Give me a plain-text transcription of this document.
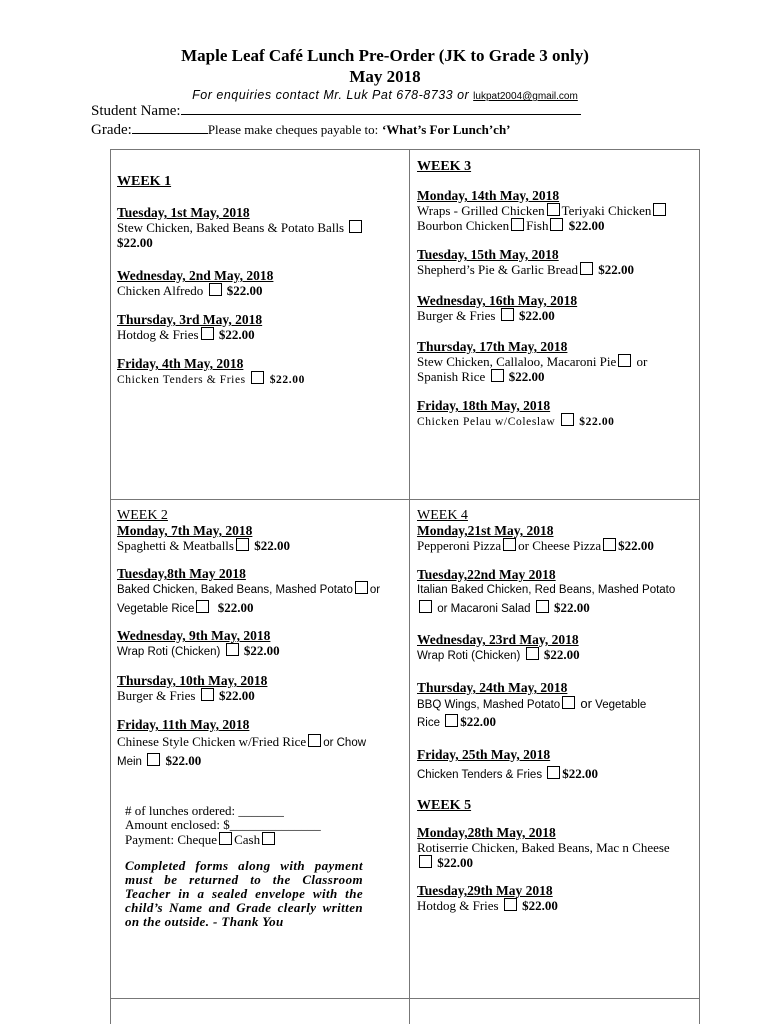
Maple Leaf Café Lunch Pre-Order (JK to Grade 3 only)
May 2018
For enquiries contact Mr. Luk Pat 678-8733 or lukpat2004@gmail.com
Student Name:
Grade:	Please make cheques payable to: ‘What’s For Lunch’ch’
WEEK 1
Tuesday, 1st May, 2018
Stew Chicken, Baked Beans & Potato Balls
$22.00
Wednesday, 2nd May, 2018
Chicken Alfredo $22.00
Thursday, 3rd May, 2018
Hotdog & Fries $22.00
Friday, 4th May, 2018
Chicken Tenders & Fries $22.00
WEEK 3
Monday, 14th May, 2018
Wraps - Grilled Chicken Teriyaki Chicken
Bourbon Chicken Fish $22.00
Tuesday, 15th May, 2018
Shepherd’s Pie & Garlic Bread $22.00
Wednesday, 16th May, 2018
Burger & Fries $22.00
Thursday, 17th May, 2018
Stew Chicken, Callaloo, Macaroni Pie or
Spanish Rice $22.00
Friday, 18th May, 2018
Chicken Pelau w/Coleslaw $22.00
WEEK 2
Monday, 7th May, 2018
Spaghetti & Meatballs $22.00
Tuesday,8th May 2018
Baked Chicken, Baked Beans, Mashed Potato or
Vegetable Rice $22.00
Wednesday, 9th May, 2018
Wrap Roti (Chicken) $22.00
Thursday, 10th May, 2018
Burger & Fries $22.00
Friday, 11th May, 2018
Chinese Style Chicken w/Fried Rice or Chow
Mein $22.00
# of lunches ordered: _______
Amount enclosed: $______________
Payment: Cheque Cash
Completed forms along with payment must be returned to the Classroom Teacher in a sealed envelope with the child’s Name and Grade clearly written on the outside. - Thank You
WEEK 4
Monday,21st May, 2018
Pepperoni Pizza or Cheese Pizza $22.00
Tuesday,22nd May 2018
Italian Baked Chicken, Red Beans, Mashed Potato
or Macaroni Salad $22.00
Wednesday, 23rd May, 2018
Wrap Roti (Chicken) $22.00
Thursday, 24th May, 2018
BBQ Wings, Mashed Potato or Vegetable
Rice $22.00
Friday, 25th May, 2018
Chicken Tenders & Fries $22.00
WEEK 5
Monday,28th May, 2018
Rotiserrie Chicken, Baked Beans, Mac n Cheese
$22.00
Tuesday,29th May 2018
Hotdog & Fries $22.00
